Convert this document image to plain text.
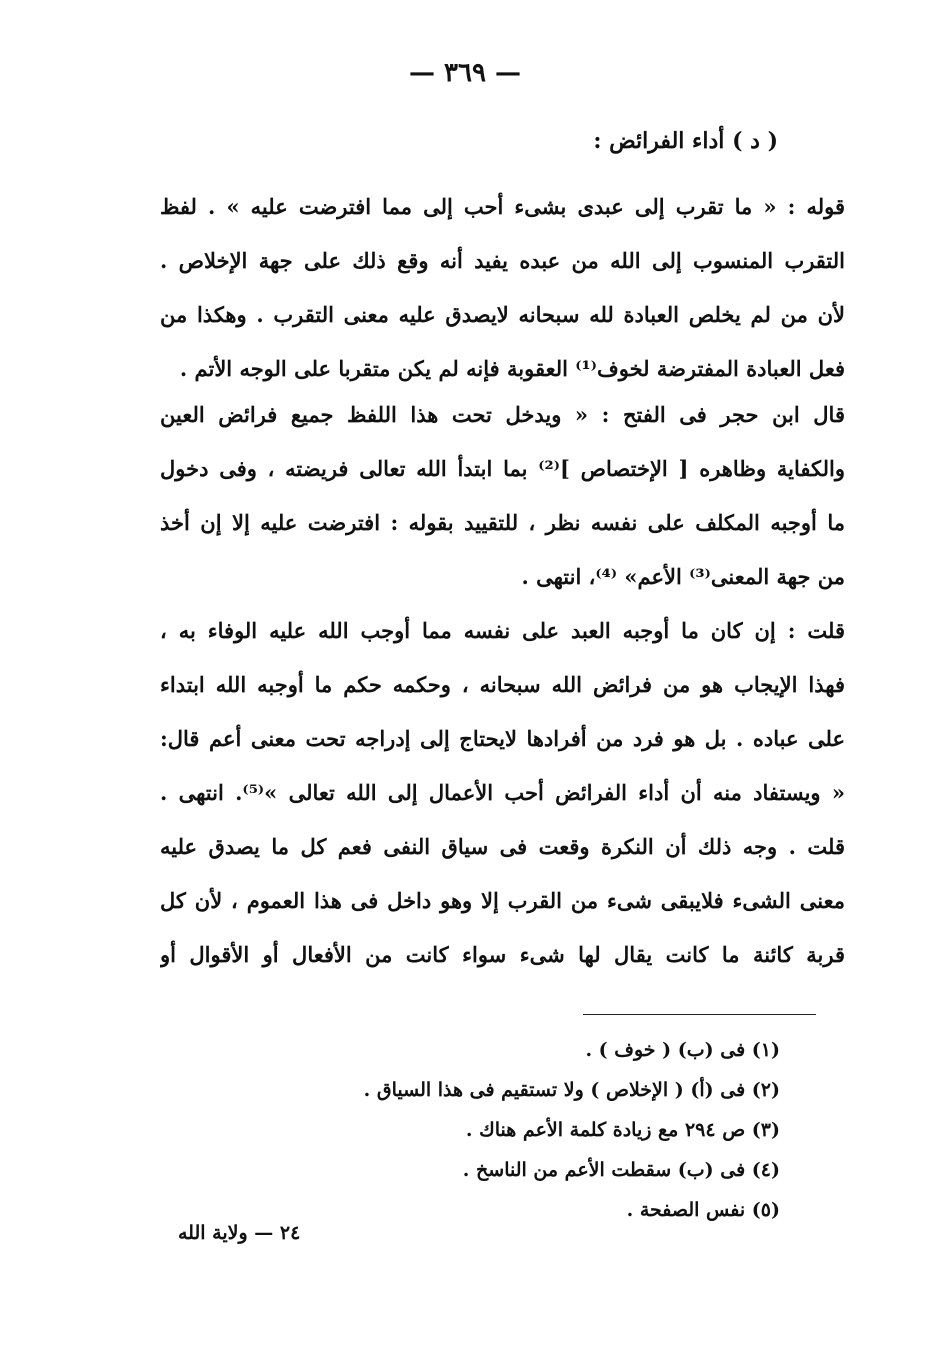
— ٣٦٩ —
( د ) أداء الفرائض :
قوله : « ما تقرب إلى عبدى بشىء أحب إلى مما افترضت عليه » . لفظ
التقرب المنسوب إلى الله من عبده يفيد أنه وقع ذلك على جهة الإخلاص .
لأن من لم يخلص العبادة لله سبحانه لايصدق عليه معنى التقرب . وهكذا من
فعل العبادة المفترضة لخوف⁽¹⁾ العقوبة فإنه لم يكن متقربا على الوجه الأتم .
قال ابن حجر فى الفتح : « ويدخل تحت هذا اللفظ جميع فرائض العين
والكفاية وظاهره [ الإختصاص ]⁽²⁾ بما ابتدأ الله تعالى فريضته ، وفى دخول
ما أوجبه المكلف على نفسه نظر ، للتقييد بقوله : افترضت عليه إلا إن أخذ
من جهة المعنى⁽³⁾ الأعم» ⁽⁴⁾، انتهى .
قلت : إن كان ما أوجبه العبد على نفسه مما أوجب الله عليه الوفاء به ،
فهذا الإيجاب هو من فرائض الله سبحانه ، وحكمه حكم ما أوجبه الله ابتداء
على عباده . بل هو فرد من أفرادها لايحتاج إلى إدراجه تحت معنى أعم قال:
« ويستفاد منه أن أداء الفرائض أحب الأعمال إلى الله تعالى »⁽⁵⁾. انتهى .
قلت . وجه ذلك أن النكرة وقعت فى سياق النفى فعم كل ما يصدق عليه
معنى الشىء فلايبقى شىء من القرب إلا وهو داخل فى هذا العموم ، لأن كل
قربة كائنة ما كانت يقال لها شىء سواء كانت من الأفعال أو الأقوال أو
(١) فى (ب) ( خوف ) .
(٢) فى (أ) ( الإخلاص ) ولا تستقيم فى هذا السياق .
(٣) ص ٢٩٤ مع زيادة كلمة الأعم هناك .
(٤) فى (ب) سقطت الأعم من الناسخ .
(٥) نفس الصفحة .
٢٤ — ولاية الله
